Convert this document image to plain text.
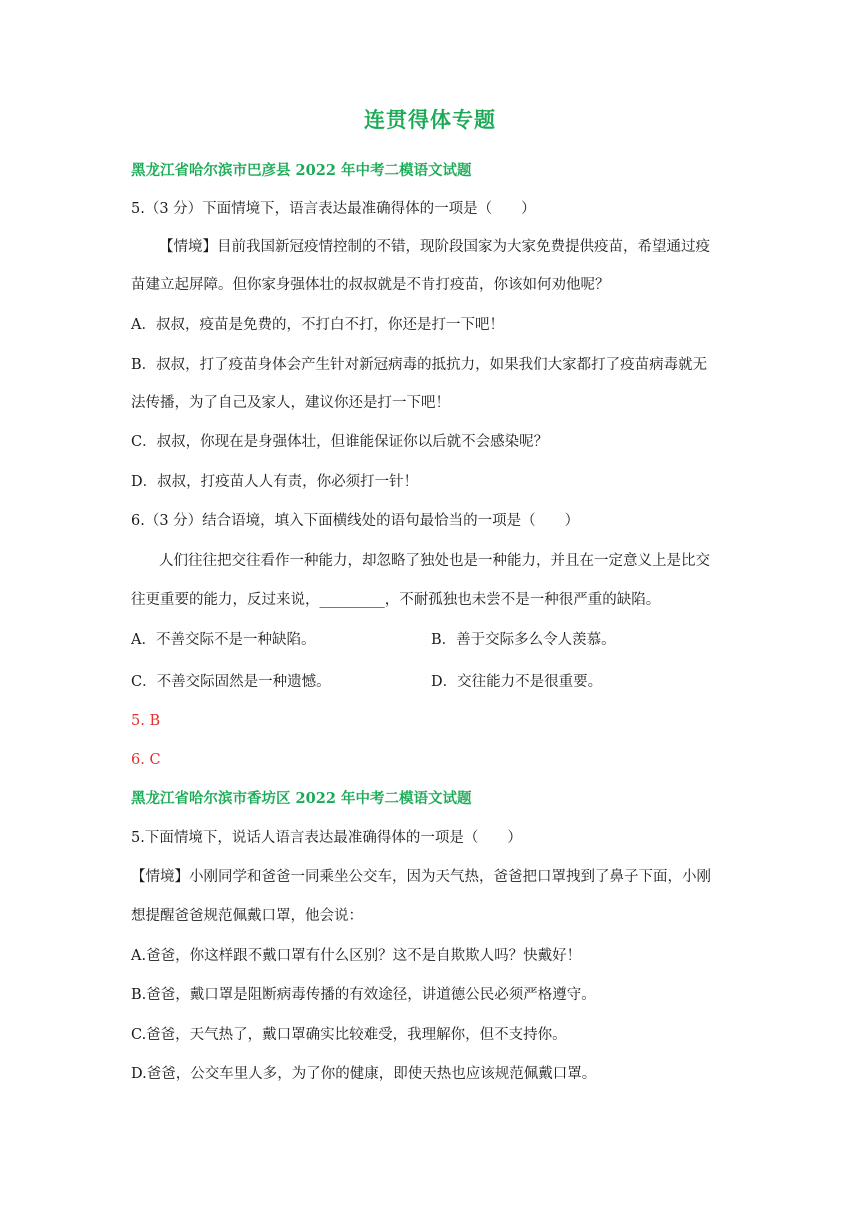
连贯得体专题
黑龙江省哈尔滨市巴彦县 2022 年中考二模语文试题
5.（3 分）下面情境下，语言表达最准确得体的一项是（　　）
【情境】目前我国新冠疫情控制的不错，现阶段国家为大家免费提供疫苗，希望通过疫
苗建立起屏障。但你家身强体壮的叔叔就是不肯打疫苗，你该如何劝他呢？
A．叔叔，疫苗是免费的，不打白不打，你还是打一下吧！
B．叔叔，打了疫苗身体会产生针对新冠病毒的抵抗力，如果我们大家都打了疫苗病毒就无
法传播，为了自己及家人，建议你还是打一下吧！
C．叔叔，你现在是身强体壮，但谁能保证你以后就不会感染呢？
D．叔叔，打疫苗人人有责，你必须打一针！
6.（3 分）结合语境，填入下面横线处的语句最恰当的一项是（　　）
人们往往把交往看作一种能力，却忽略了独处也是一种能力，并且在一定意义上是比交
往更重要的能力，反过来说，_________，不耐孤独也未尝不是一种很严重的缺陷。
A．不善交际不是一种缺陷。	B．善于交际多么令人羡慕。
C．不善交际固然是一种遗憾。	D．交往能力不是很重要。
5. B
6. C
黑龙江省哈尔滨市香坊区 2022 年中考二模语文试题
5.下面情境下，说话人语言表达最准确得体的一项是（　　）
【情境】小刚同学和爸爸一同乘坐公交车，因为天气热，爸爸把口罩拽到了鼻子下面，小刚
想提醒爸爸规范佩戴口罩，他会说：
A.爸爸，你这样跟不戴口罩有什么区别？这不是自欺欺人吗？快戴好！
B.爸爸，戴口罩是阻断病毒传播的有效途径，讲道德公民必须严格遵守。
C.爸爸，天气热了，戴口罩确实比较难受，我理解你，但不支持你。
D.爸爸，公交车里人多，为了你的健康，即使天热也应该规范佩戴口罩。
